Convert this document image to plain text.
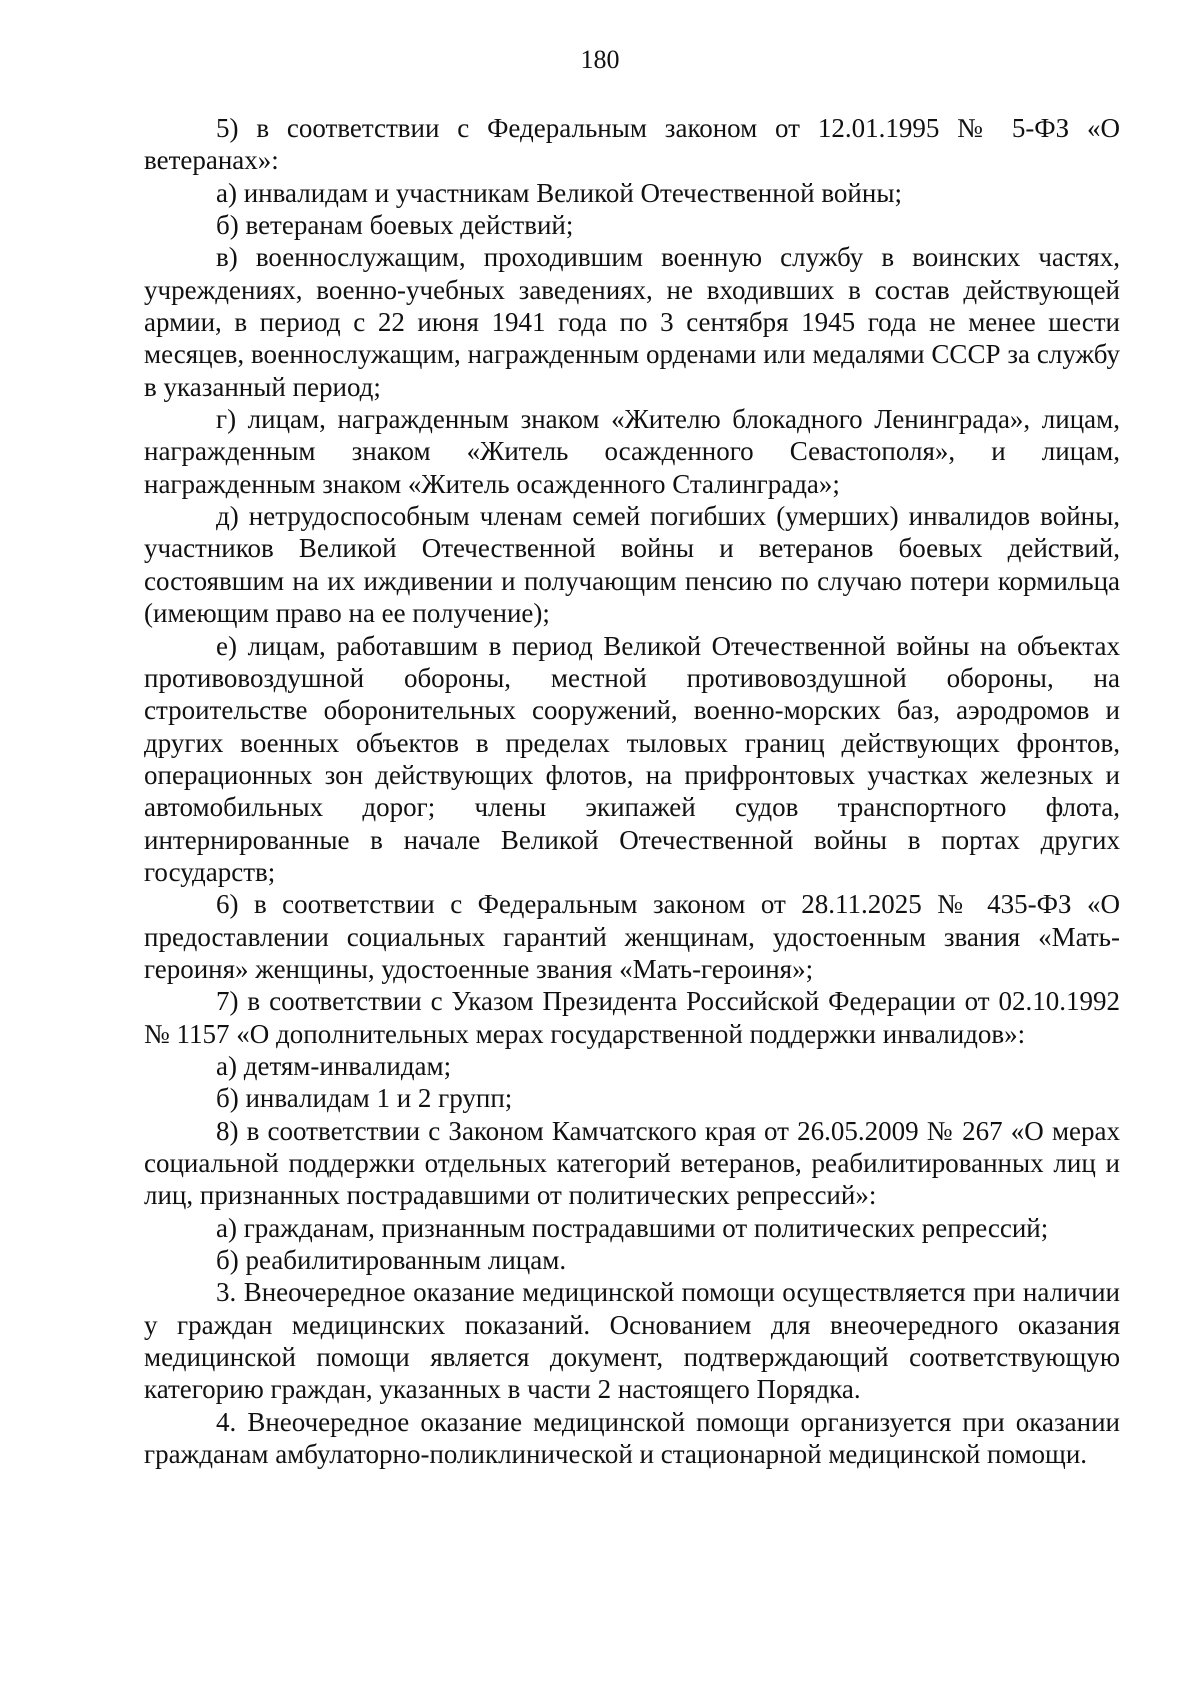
180

5) в соответствии с Федеральным законом от 12.01.1995 № 5-ФЗ «О ветеранах»:

а) инвалидам и участникам Великой Отечественной войны;

б) ветеранам боевых действий;

в) военнослужащим, проходившим военную службу в воинских частях, учреждениях, военно-учебных заведениях, не входивших в состав действующей армии, в период с 22 июня 1941 года по 3 сентября 1945 года не менее шести месяцев, военнослужащим, награжденным орденами или медалями СССР за службу в указанный период;

г) лицам, награжденным знаком «Жителю блокадного Ленинграда», лицам, награжденным знаком «Житель осажденного Севастополя», и лицам, награжденным знаком «Житель осажденного Сталинграда»;

д) нетрудоспособным членам семей погибших (умерших) инвалидов войны, участников Великой Отечественной войны и ветеранов боевых действий, состоявшим на их иждивении и получающим пенсию по случаю потери кормильца (имеющим право на ее получение);

е) лицам, работавшим в период Великой Отечественной войны на объектах противовоздушной обороны, местной противовоздушной обороны, на строительстве оборонительных сооружений, военно-морских баз, аэродромов и других военных объектов в пределах тыловых границ действующих фронтов, операционных зон действующих флотов, на прифронтовых участках железных и автомобильных дорог; члены экипажей судов транспортного флота, интернированные в начале Великой Отечественной войны в портах других государств;

6) в соответствии с Федеральным законом от 28.11.2025 № 435-ФЗ «О предоставлении социальных гарантий женщинам, удостоенным звания «Мать-героиня» женщины, удостоенные звания «Мать-героиня»;

7) в соответствии с Указом Президента Российской Федерации от 02.10.1992 № 1157 «О дополнительных мерах государственной поддержки инвалидов»:

а) детям-инвалидам;

б) инвалидам 1 и 2 групп;

8) в соответствии с Законом Камчатского края от 26.05.2009 № 267 «О мерах социальной поддержки отдельных категорий ветеранов, реабилитированных лиц и лиц, признанных пострадавшими от политических репрессий»:

а) гражданам, признанным пострадавшими от политических репрессий;

б) реабилитированным лицам.

3. Внеочередное оказание медицинской помощи осуществляется при наличии у граждан медицинских показаний. Основанием для внеочередного оказания медицинской помощи является документ, подтверждающий соответствующую категорию граждан, указанных в части 2 настоящего Порядка.

4. Внеочередное оказание медицинской помощи организуется при оказании гражданам амбулаторно-поликлинической и стационарной медицинской помощи.
